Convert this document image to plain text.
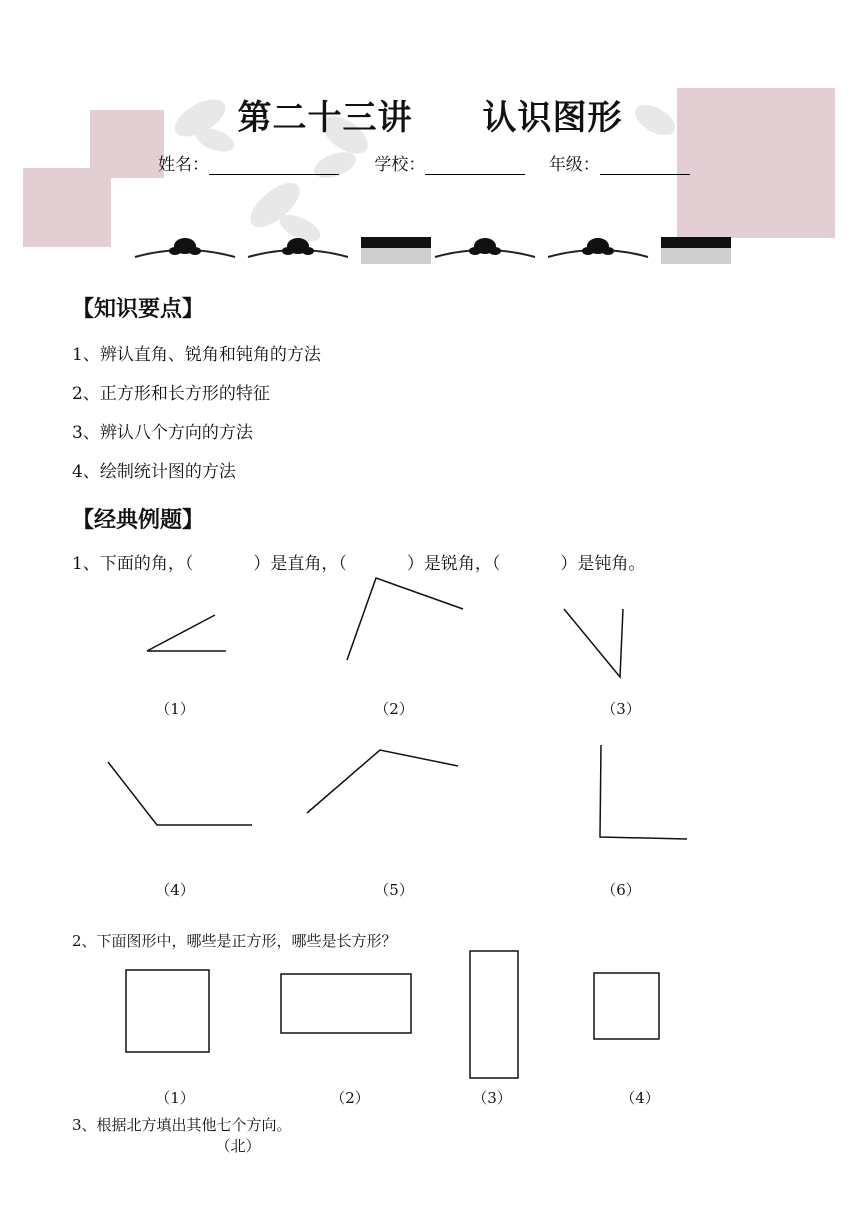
第二十三讲 认识图形
姓名：	学校：	年级：
【知识要点】
1、辨认直角、锐角和钝角的方法
2、正方形和长方形的特征
3、辨认八个方向的方法
4、绘制统计图的方法
【经典例题】
1、下面的角，（	）是直角，（	）是锐角，（	）是钝角。
（1）	（2）	（3）
（4）	（5）	（6）
2、下面图形中，哪些是正方形，哪些是长方形？
（1）	（2）	（3）	（4）
3、根据北方填出其他七个方向。
（北）
